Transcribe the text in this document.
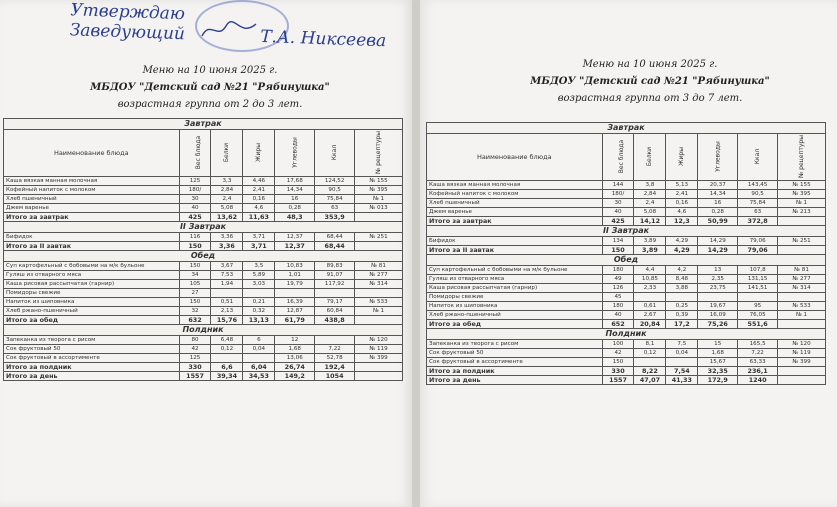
Утверждаю
Заведующий	Т.А. Никсеева
Меню на 10 июня 2025 г.
МБДОУ "Детский сад №21 "Рябинушка"
возрастная группа от 2 до 3 лет.
Завтрак						
Наименование блюда	Вес блюда	Белки	Жиры	Углеводы	Ккал	№ рецептуры
Каша вязкая манная молочная	125	3,3	4,46	17,68	124,52	№ 155
Кофейный напиток с молоком	180/	2,84	2,41	14,34	90,5	№ 395
Хлеб пшеничный	30	2,4	0,16	16	75,84	№ 1
Джем варенье	40	5,08	4,6	0,28	63	№ 013
Итого за завтрак	425	13,62	11,63	48,3	353,9	
II Завтрак						
Бифидок	116	3,36	3,71	12,37	68,44	№ 251
Итого за II завтак	150	3,36	3,71	12,37	68,44	
Обед						
Суп картофельный с бобовыми на м/к бульоне	150	3,67	3,5	10,83	89,83	№ 81
Гуляш из отварного мяса	34	7,53	5,89	1,01	91,07	№ 277
Каша рисовая рассыпчатая (гарнир)	105	1,94	3,03	19,79	117,92	№ 314
Помидоры свежие	27					
Напиток из шиповника	150	0,51	0,21	16,39	79,17	№ 533
Хлеб ржано-пшеничный	32	2,13	0,32	12,87	60,84	№ 1
Итого за обед	632	15,76	13,13	61,79	438,8	
Полдник						
Запеканка из творога с рисом	80	6,48	6	12		№ 120
Сок фруктовый 50	42	0,12	0,04	1,68	7,22	№ 119
Сок фруктовый в ассортименте	125			13,06	52,78	№ 399
Итого за полдник	330	6,6	6,04	26,74	192,4	
Итого за день	1557	39,34	34,53	149,2	1054	
Меню на 10 июня 2025 г.
МБДОУ "Детский сад №21 "Рябинушка"
возрастная группа от 3 до 7 лет.
Завтрак						
Наименование блюда	Вес блюда	Белки	Жиры	Углеводы	Ккал	№ рецептуры
Каша вязкая манная молочная	144	3,8	5,13	20,37	143,45	№ 155
Кофейный напиток с молоком	180/	2,84	2,41	14,34	90,5	№ 395
Хлеб пшеничный	30	2,4	0,16	16	75,84	№ 1
Джем варенье	40	5,08	4,6	0,28	63	№ 213
Итого за завтрак	425	14,12	12,3	50,99	372,8	
II Завтрак						
Бифидок	134	3,89	4,29	14,29	79,06	№ 251
Итого за II завтак	150	3,89	4,29	14,29	79,06	
Обед						
Суп картофельный с бобовыми на м/к бульоне	180	4,4	4,2	13	107,8	№ 81
Гуляш из отварного мяса	49	10,85	8,48	2,35	131,15	№ 277
Каша рисовая рассыпчатая (гарнир)	126	2,33	3,88	23,75	141,51	№ 314
Помидоры свежие	45					
Напиток из шиповника	180	0,61	0,25	19,67	95	№ 533
Хлеб ржано-пшеничный	40	2,67	0,39	16,09	76,05	№ 1
Итого за обед	652	20,84	17,2	75,26	551,6	
Полдник						
Запеканка из творога с рисом	100	8,1	7,5	15	165,5	№ 120
Сок фруктовый 50	42	0,12	0,04	1,68	7,22	№ 119
Сок фруктовый в ассортименте	150			15,67	63,33	№ 399
Итого за полдник	330	8,22	7,54	32,35	236,1	
Итого за день	1557	47,07	41,33	172,9	1240	
